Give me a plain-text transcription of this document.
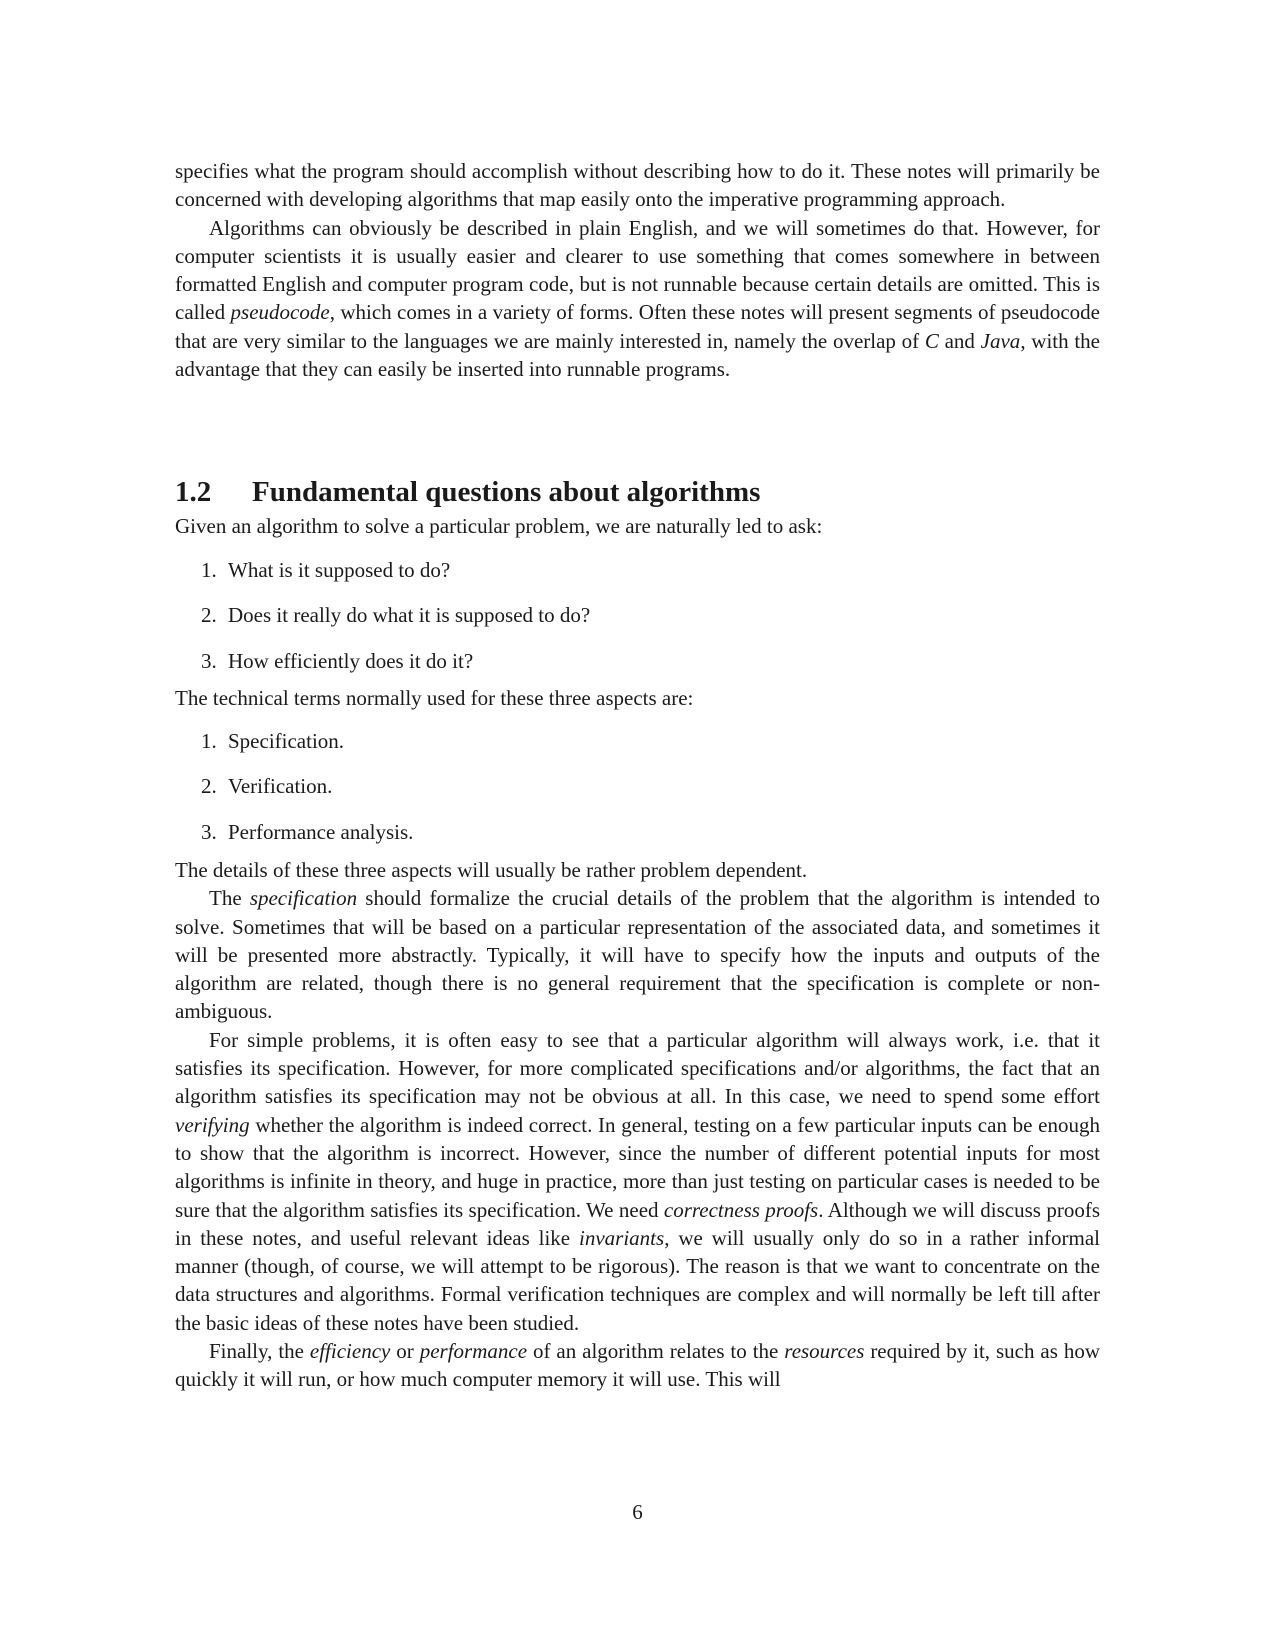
specifies what the program should accomplish without describing how to do it. These notes will primarily be concerned with developing algorithms that map easily onto the imperative programming approach.

Algorithms can obviously be described in plain English, and we will sometimes do that. However, for computer scientists it is usually easier and clearer to use something that comes somewhere in between formatted English and computer program code, but is not runnable because certain details are omitted. This is called pseudocode, which comes in a variety of forms. Often these notes will present segments of pseudocode that are very similar to the languages we are mainly interested in, namely the overlap of C and Java, with the advantage that they can easily be inserted into runnable programs.

1.2 Fundamental questions about algorithms

Given an algorithm to solve a particular problem, we are naturally led to ask:

1. What is it supposed to do?
2. Does it really do what it is supposed to do?
3. How efficiently does it do it?

The technical terms normally used for these three aspects are:

1. Specification.
2. Verification.
3. Performance analysis.

The details of these three aspects will usually be rather problem dependent.

The specification should formalize the crucial details of the problem that the algorithm is intended to solve. Sometimes that will be based on a particular representation of the associated data, and sometimes it will be presented more abstractly. Typically, it will have to specify how the inputs and outputs of the algorithm are related, though there is no general requirement that the specification is complete or non-ambiguous.

For simple problems, it is often easy to see that a particular algorithm will always work, i.e. that it satisfies its specification. However, for more complicated specifications and/or algorithms, the fact that an algorithm satisfies its specification may not be obvious at all. In this case, we need to spend some effort verifying whether the algorithm is indeed correct. In general, testing on a few particular inputs can be enough to show that the algorithm is incorrect. However, since the number of different potential inputs for most algorithms is infinite in theory, and huge in practice, more than just testing on particular cases is needed to be sure that the algorithm satisfies its specification. We need correctness proofs. Although we will discuss proofs in these notes, and useful relevant ideas like invariants, we will usually only do so in a rather informal manner (though, of course, we will attempt to be rigorous). The reason is that we want to concentrate on the data structures and algorithms. Formal verification techniques are complex and will normally be left till after the basic ideas of these notes have been studied.

Finally, the efficiency or performance of an algorithm relates to the resources required by it, such as how quickly it will run, or how much computer memory it will use. This will

6
